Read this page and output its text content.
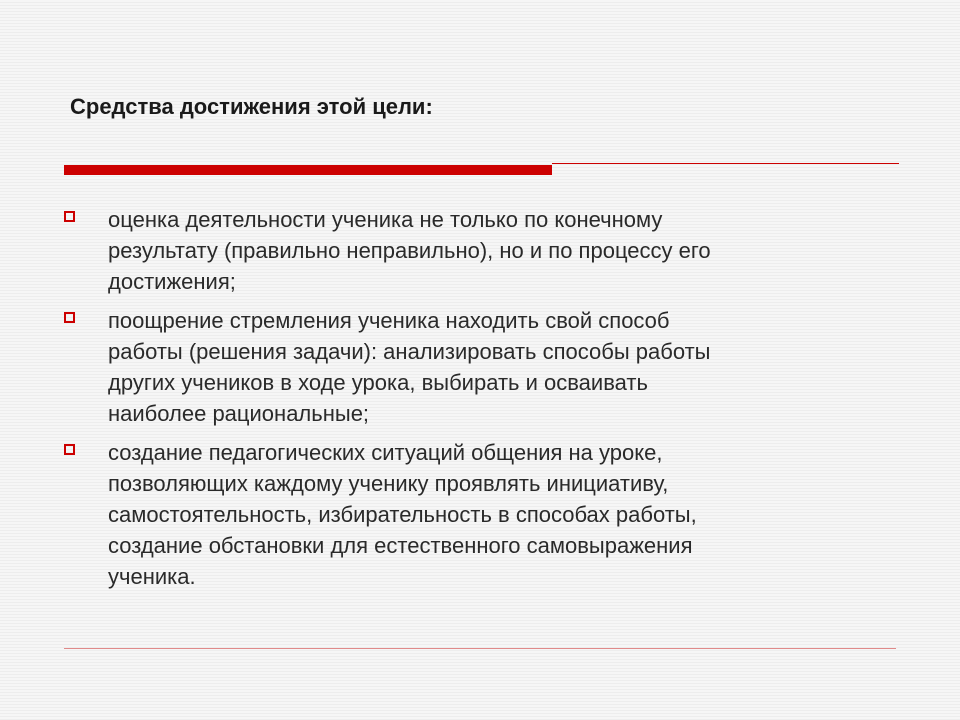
Средства достижения этой цели:
оценка деятельности ученика не только по конечному
результату (правильно неправильно), но и по процессу его
достижения;
поощрение стремления ученика находить свой способ
работы (решения задачи): анализировать способы работы
других учеников в ходе урока, выбирать и осваивать
наиболее рациональные;
создание педагогических ситуаций общения на уроке,
позволяющих каждому ученику проявлять инициативу,
самостоятельность, избирательность в способах работы,
создание обстановки для естественного самовыражения
ученика.
